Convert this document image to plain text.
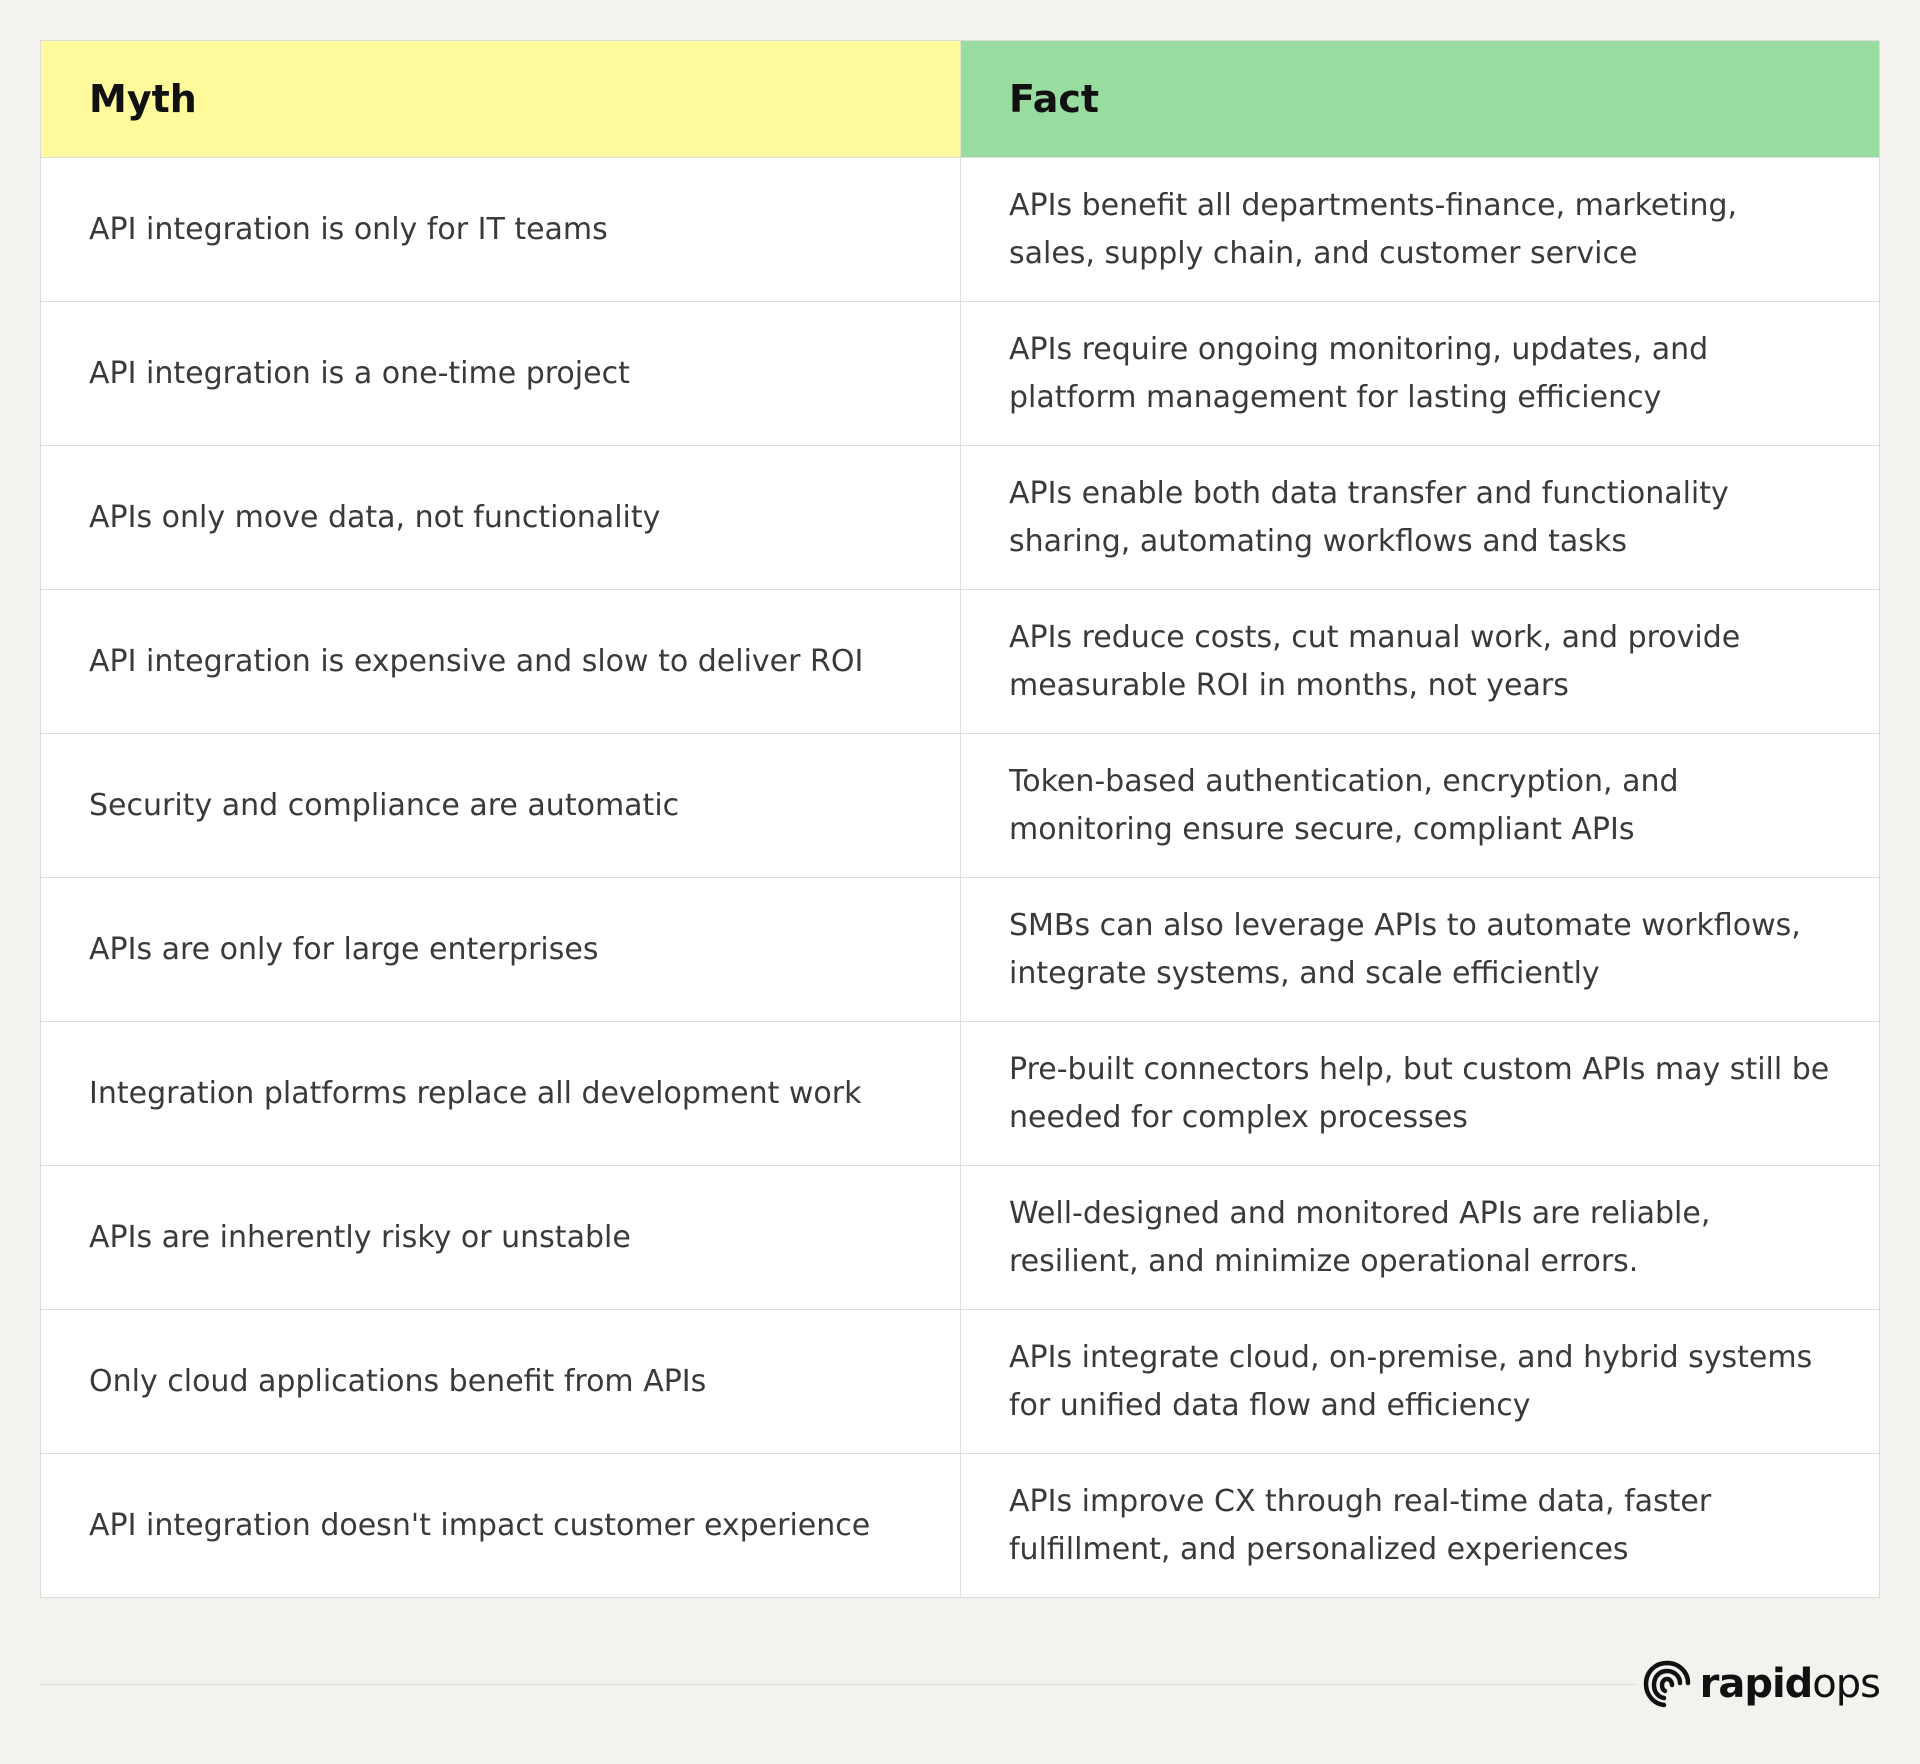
Myth	Fact
API integration is only for IT teams
APIs benefit all departments-finance, marketing, sales, supply chain, and customer service
API integration is a one-time project
APIs require ongoing monitoring, updates, and platform management for lasting efficiency
APIs only move data, not functionality
APIs enable both data transfer and functionality sharing, automating workflows and tasks
API integration is expensive and slow to deliver ROI
APIs reduce costs, cut manual work, and provide measurable ROI in months, not years
Security and compliance are automatic
Token-based authentication, encryption, and monitoring ensure secure, compliant APIs
APIs are only for large enterprises
SMBs can also leverage APIs to automate workflows, integrate systems, and scale efficiently
Integration platforms replace all development work
Pre-built connectors help, but custom APIs may still be needed for complex processes
APIs are inherently risky or unstable
Well-designed and monitored APIs are reliable, resilient, and minimize operational errors.
Only cloud applications benefit from APIs
APIs integrate cloud, on-premise, and hybrid systems for unified data flow and efficiency
API integration doesn't impact customer experience
APIs improve CX through real-time data, faster fulfillment, and personalized experiences
rapidops
